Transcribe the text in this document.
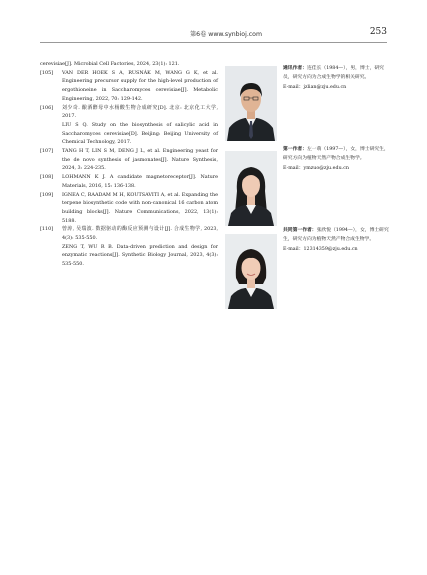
第6卷 www.synbioj.com	253
cerevisiae[J]. Microbial Cell Factories, 2024, 23(1): 121.
[105] VAN DER HOEK S A, RUSNÁK M, WANG G K, et al. Engineering precursor supply for the high-level production of ergothioneine in Saccharomyces cerevisiae[J]. Metabolic Engineering, 2022, 70: 129-142.
[106] 刘少奇. 酿酒酵母中水杨酸生物合成研究[D]. 北京: 北京化工大学, 2017.
LIU S Q. Study on the biosynthesis of salicylic acid in Saccharomyces cerevisiae[D]. Beijing: Beijing University of Chemical Technology, 2017.
[107] TANG H T, LIN S M, DENG J L, et al. Engineering yeast for the de novo synthesis of jasmonates[J]. Nature Synthesis, 2024, 3: 224-235.
[108] LOHMANN K J. A candidate magnetoreceptor[J]. Nature Materials, 2016, 15: 136-138.
[109] IGNEA C, RAADAM M H, KOUTSAVITI A, et al. Expanding the terpene biosynthetic code with non-canonical 16 carbon atom building blocks[J]. Nature Communications, 2022, 13(1): 5188.
[110] 曾涛, 吴瑞波. 数据驱动的酶反应预测与设计[J]. 合成生物学, 2023, 4(3): 535-550.
ZENG T, WU R B. Data-driven prediction and design for enzymatic reactions[J]. Synthetic Biology Journal, 2023, 4(3): 535-550.
通讯作者：连佳长（1984—），男，博士，研究员，研究方向为合成生物学的相关研究。
E-mail：jzlian@zju.edu.cn
第一作者：左一萌（1997—），女，博士研究生，研究方向为植物天然产物合成生物学。
E-mail：ymzuo@zju.edu.cn
共同第一作者：张欣悦（1994—），女，博士研究生，研究方向为植物天然产物合成生物学。
E-mail：12314359@zju.edu.cn
